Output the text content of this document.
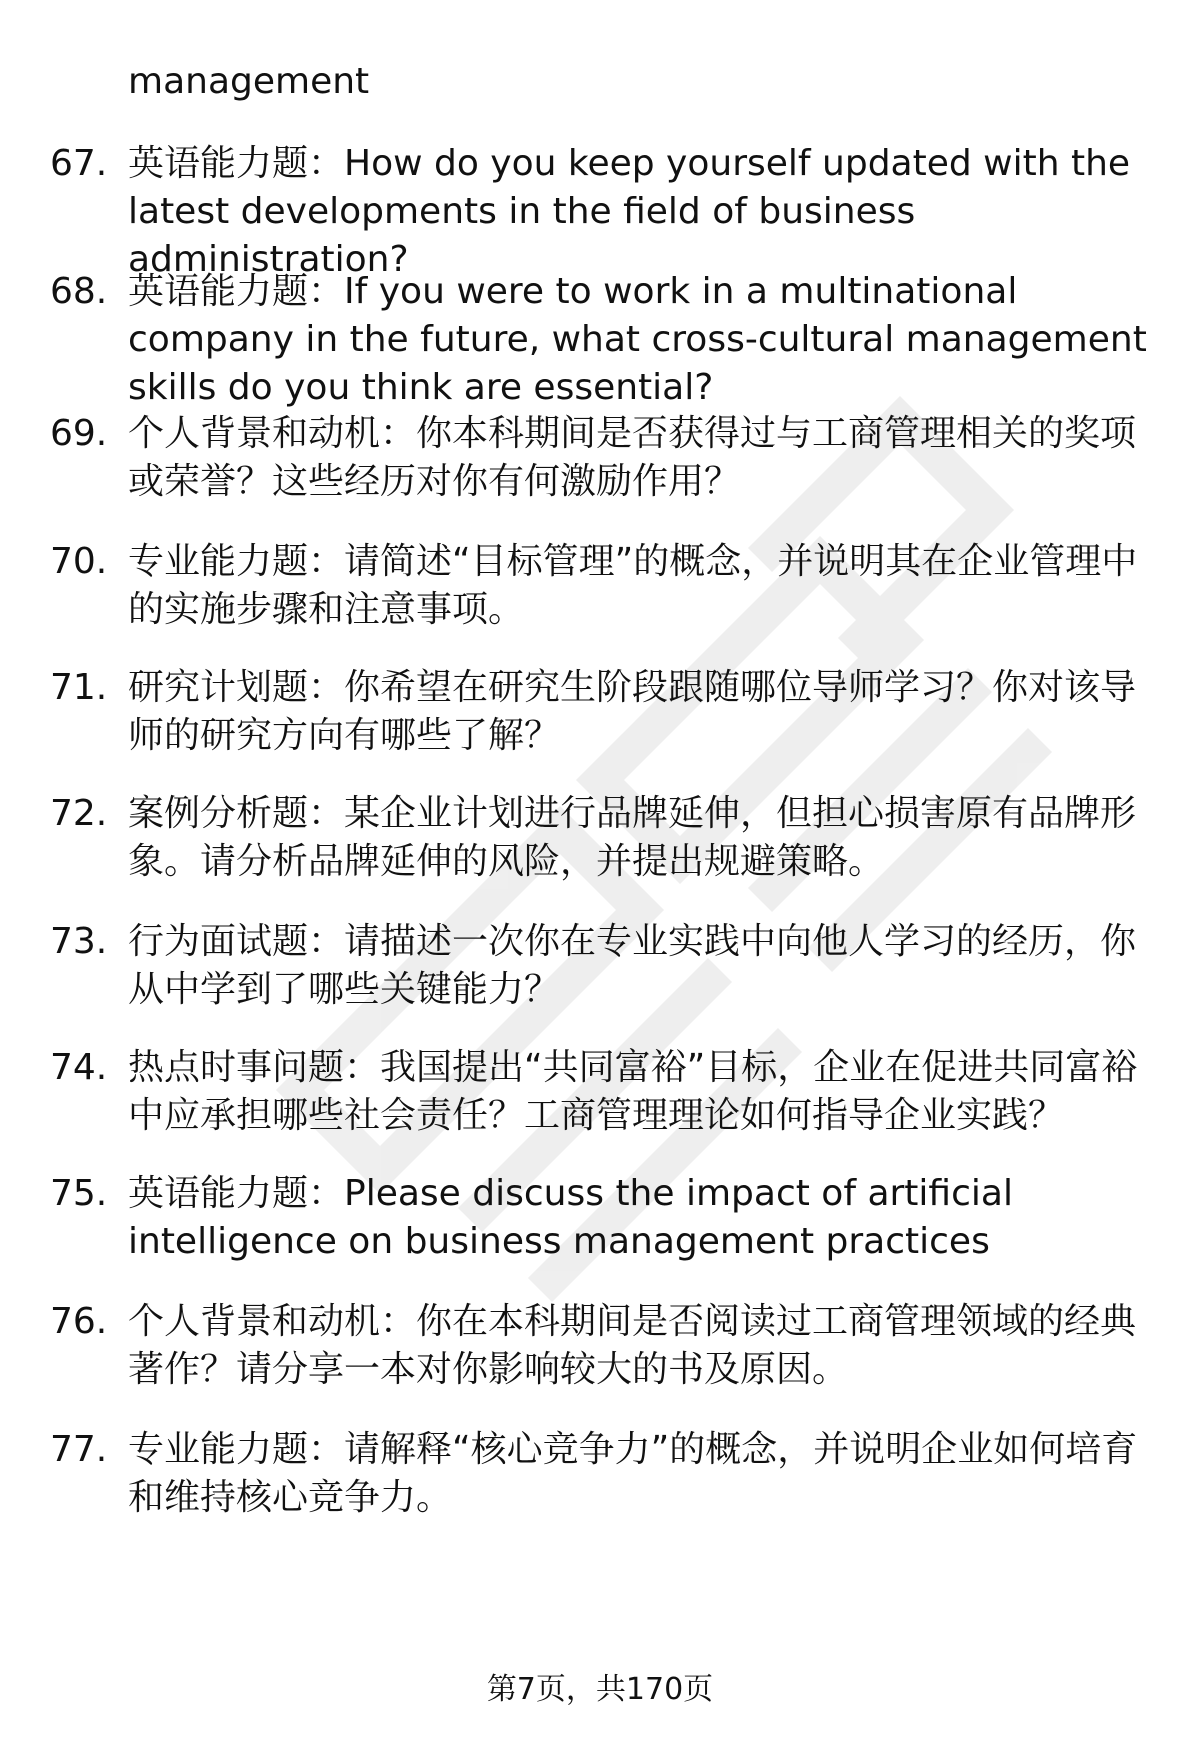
management

67. 英语能力题：How do you keep yourself updated with the latest developments in the field of business administration?

68. 英语能力题：If you were to work in a multinational company in the future, what cross-cultural management skills do you think are essential?

69. 个人背景和动机：你本科期间是否获得过与工商管理相关的奖项或荣誉？这些经历对你有何激励作用？

70. 专业能力题：请简述“目标管理”的概念，并说明其在企业管理中的实施步骤和注意事项。

71. 研究计划题：你希望在研究生阶段跟随哪位导师学习？你对该导师的研究方向有哪些了解？

72. 案例分析题：某企业计划进行品牌延伸，但担心损害原有品牌形象。请分析品牌延伸的风险，并提出规避策略。

73. 行为面试题：请描述一次你在专业实践中向他人学习的经历，你从中学到了哪些关键能力？

74. 热点时事问题：我国提出“共同富裕”目标，企业在促进共同富裕中应承担哪些社会责任？工商管理理论如何指导企业实践？

75. 英语能力题：Please discuss the impact of artificial intelligence on business management practices

76. 个人背景和动机：你在本科期间是否阅读过工商管理领域的经典著作？请分享一本对你影响较大的书及原因。

77. 专业能力题：请解释“核心竞争力”的概念，并说明企业如何培育和维持核心竞争力。

第7页，共170页
